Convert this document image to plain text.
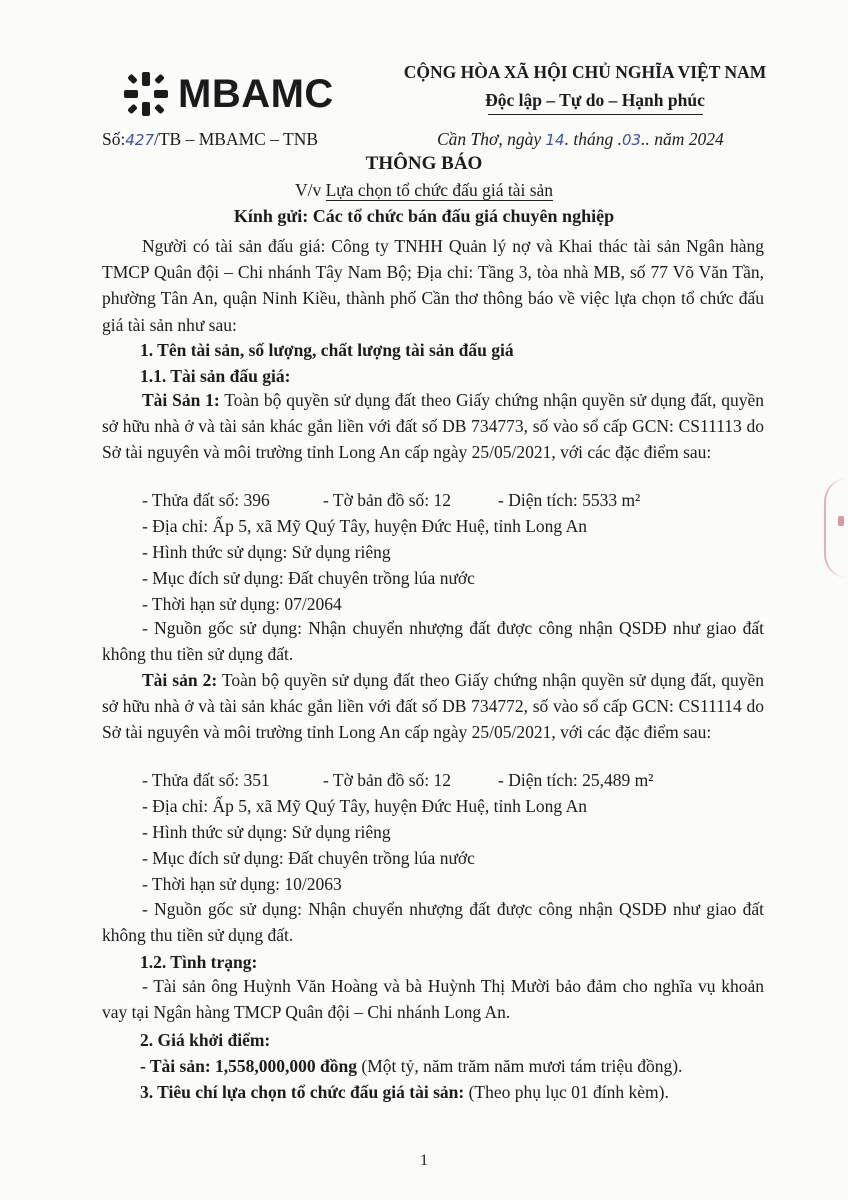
MBAMC	CỘNG HÒA XÃ HỘI CHỦ NGHĨA VIỆT NAM
Độc lập – Tự do – Hạnh phúc
Số:427/TB – MBAMC – TNB	Cần Thơ, ngày 14. tháng .03.. năm 2024
THÔNG BÁO
V/v Lựa chọn tổ chức đấu giá tài sản
Kính gửi: Các tổ chức bán đấu giá chuyên nghiệp
Người có tài sản đấu giá: Công ty TNHH Quản lý nợ và Khai thác tài sản Ngân hàng TMCP Quân đội – Chi nhánh Tây Nam Bộ; Địa chỉ: Tầng 3, tòa nhà MB, số 77 Võ Văn Tần, phường Tân An, quận Ninh Kiều, thành phố Cần thơ thông báo về việc lựa chọn tổ chức đấu giá tài sản như sau:
1. Tên tài sản, số lượng, chất lượng tài sản đấu giá
1.1. Tài sản đấu giá:
Tài Sản 1: Toàn bộ quyền sử dụng đất theo Giấy chứng nhận quyền sử dụng đất, quyền sở hữu nhà ở và tài sản khác gắn liền với đất số DB 734773, số vào sổ cấp GCN: CS11113 do Sở tài nguyên và môi trường tỉnh Long An cấp ngày 25/05/2021, với các đặc điểm sau:
- Thửa đất số: 396	- Tờ bản đồ số: 12	- Diện tích: 5533 m²
- Địa chỉ: Ấp 5, xã Mỹ Quý Tây, huyện Đức Huệ, tỉnh Long An
- Hình thức sử dụng: Sử dụng riêng
- Mục đích sử dụng: Đất chuyên trồng lúa nước
- Thời hạn sử dụng: 07/2064
- Nguồn gốc sử dụng: Nhận chuyển nhượng đất được công nhận QSDĐ như giao đất không thu tiền sử dụng đất.
Tài sản 2: Toàn bộ quyền sử dụng đất theo Giấy chứng nhận quyền sử dụng đất, quyền sở hữu nhà ở và tài sản khác gắn liền với đất số DB 734772, số vào sổ cấp GCN: CS11114 do Sở tài nguyên và môi trường tỉnh Long An cấp ngày 25/05/2021, với các đặc điểm sau:
- Thửa đất số: 351	- Tờ bản đồ số: 12	- Diện tích: 25,489 m²
- Địa chỉ: Ấp 5, xã Mỹ Quý Tây, huyện Đức Huệ, tỉnh Long An
- Hình thức sử dụng: Sử dụng riêng
- Mục đích sử dụng: Đất chuyên trồng lúa nước
- Thời hạn sử dụng: 10/2063
- Nguồn gốc sử dụng: Nhận chuyển nhượng đất được công nhận QSDĐ như giao đất không thu tiền sử dụng đất.
1.2. Tình trạng:
- Tài sản ông Huỳnh Văn Hoàng và bà Huỳnh Thị Mười bảo đảm cho nghĩa vụ khoản vay tại Ngân hàng TMCP Quân đội – Chi nhánh Long An.
2. Giá khởi điểm:
- Tài sản: 1,558,000,000 đồng (Một tỷ, năm trăm năm mươi tám triệu đồng).
3. Tiêu chí lựa chọn tổ chức đấu giá tài sản: (Theo phụ lục 01 đính kèm).
1
